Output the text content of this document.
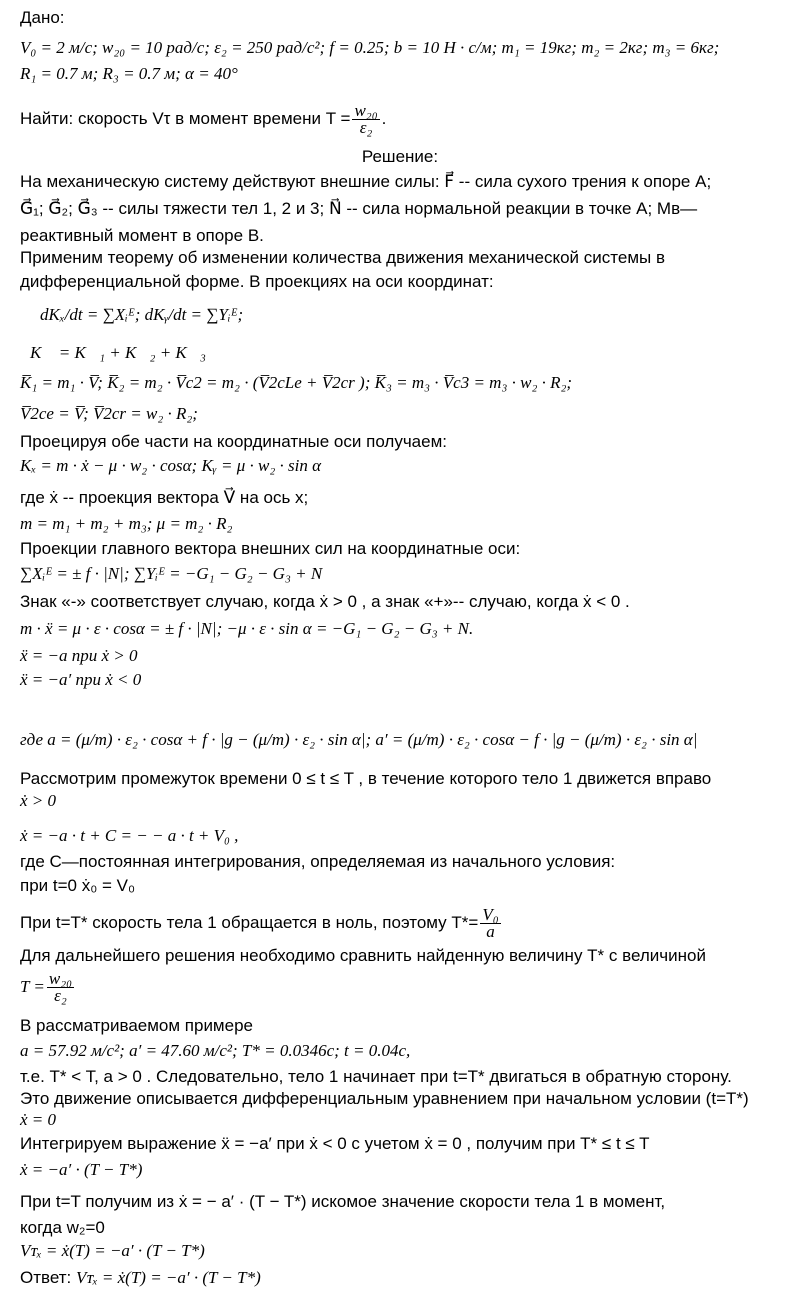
Дано:
V₀ = 2 м/с; w₂₀ = 10 рад/с; ε₂ = 250 рад/с²; f = 0.25; b = 10 Н · с/м; m₁ = 19кг; m₂ = 2кг; m₃ = 6кг;
R₁ = 0.7 м; R₃ = 0.7 м; α = 40°
Найти: скорость Vτ в момент времени $T = \frac{\text{w₂₀}}{\text{ε₂}}$ .
Решение:
На механическую систему действуют внешние силы: F⃗ -- сила сухого трения к опоре A;
G⃗₁; G⃗₂; G⃗₃ -- силы тяжести тел 1, 2 и 3; N⃗ -- сила нормальной реакции в точке A; Mʙ—
реактивный момент в опоре B.
Применим теорему об изменении количества движения механической системы в
дифференциальной форме. В проекциях на оси координат:
dKₓ/dt = ∑Xᵢᴱ; dKᵧ/dt = ∑Yᵢᴱ;
K⃗ = K⃗₁ + K⃗₂ + K⃗₃
K̅₁ = m₁ · V̅; K̅₂ = m₂ · V̅c2 = m₂ · (V̅2cLe + V̅2cr ); K̅₃ = m₃ · V̅c3 = m₃ · w₂ · R₂;
V̅2ce = V̅; V̅2cr = w₂ · R₂;
Проецируя обе части на координатные оси получаем:
Kₓ = m · ẋ − μ · w₂ · cosα; Kᵧ = μ · w₂ · sin α
где ẋ -- проекция вектора V⃗ на ось x;
m = m₁ + m₂ + m₃; μ = m₂ · R₂
Проекции главного вектора внешних сил на координатные оси:
∑Xᵢᴱ = ± f · |N|; ∑Yᵢᴱ = −G₁ − G₂ − G₃ + N
Знак «-» соответствует случаю, когда ẋ > 0 , а знак «+»-- случаю, когда ẋ < 0 .
m · ẍ = μ · ε · cosα = ± f · |N|; −μ · ε · sin α = −G₁ − G₂ − G₃ + N.
ẍ = −a при ẋ > 0
ẍ = −a′ при ẋ < 0
где a = (μ/m) · ε₂ · cosα + f · |g − (μ/m) · ε₂ · sin α|; a′ = (μ/m) · ε₂ · cosα − f · |g − (μ/m) · ε₂ · sin α|
Рассмотрим промежуток времени 0 ≤ t ≤ T , в течение которого тело 1 движется вправо
ẋ > 0
ẋ = −a · t + C = − − a · t + V₀ ,
где С—постоянная интегрирования, определяемая из начального условия:
при t=0 ẋ₀ = V₀
При t=T* скорость тела 1 обращается в ноль, поэтому $T*= \frac{\text{V₀}}{a}$
Для дальнейшего решения необходимо сравнить найденную величину T* с величиной
$T = \frac{\text{w₂₀}}{\text{ε₂}}$
В рассматриваемом примере
a = 57.92 м/с²; a′ = 47.60 м/с²; T* = 0.0346с; t = 0.04с,
т.е. T* < T, a > 0 . Следовательно, тело 1 начинает при t=T* двигаться в обратную сторону.
Это движение описывается дифференциальным уравнением при начальном условии (t=T*)
ẋ = 0
Интегрируем выражение ẍ = −a′ при ẋ < 0 с учетом ẋ = 0 , получим при T* ≤ t ≤ T
ẋ = −a′ · (T − T*)
При t=T получим из ẋ = − a′ · (T − T*) искомое значение скорости тела 1 в момент,
когда w₂=0
Vᴛₓ = ẋ(T) = −a′ · (T − T*)
Ответ: Vᴛₓ = ẋ(T) = −a′ · (T − T*)
